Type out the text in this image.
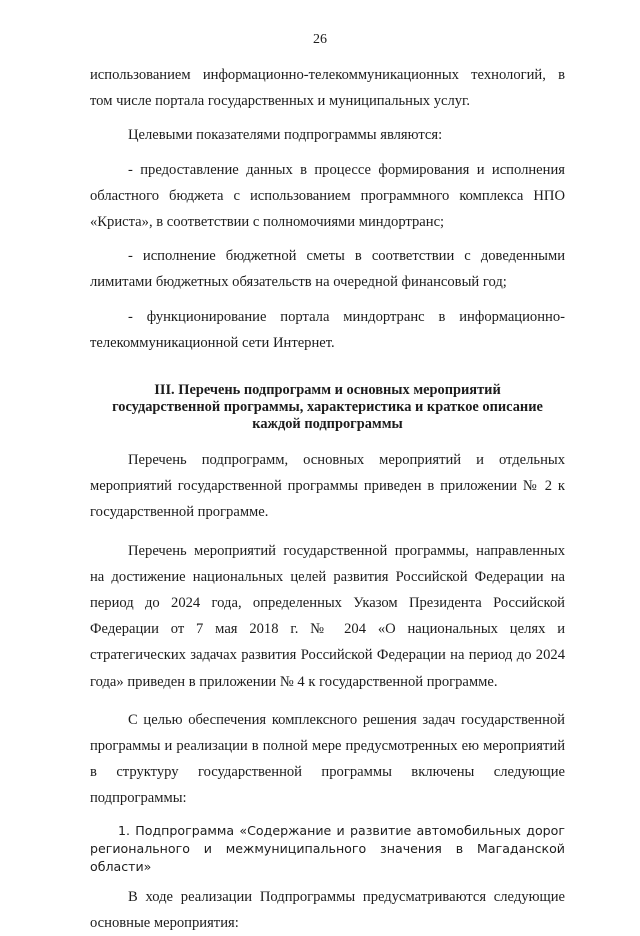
26

использованием информационно-телекоммуникационных технологий, в том числе портала государственных и муниципальных услуг.

Целевыми показателями подпрограммы являются:

- предоставление данных в процессе формирования и исполнения областного бюджета с использованием программного комплекса НПО «Криста», в соответствии с полномочиями миндортранс;

- исполнение бюджетной сметы в соответствии с доведенными лимитами бюджетных обязательств на очередной финансовый год;

- функционирование портала миндортранс в информационно-телекоммуникационной сети Интернет.

III. Перечень подпрограмм и основных мероприятий
государственной программы, характеристика и краткое описание
каждой подпрограммы

Перечень подпрограмм, основных мероприятий и отдельных мероприятий государственной программы приведен в приложении № 2 к государственной программе.

Перечень мероприятий государственной программы, направленных на достижение национальных целей развития Российской Федерации на период до 2024 года, определенных Указом Президента Российской Федерации от 7 мая 2018 г. № 204 «О национальных целях и стратегических задачах развития Российской Федерации на период до 2024 года» приведен в приложении № 4 к государственной программе.

С целью обеспечения комплексного решения задач государственной программы и реализации в полной мере предусмотренных ею мероприятий в структуру государственной программы включены следующие подпрограммы:

1. Подпрограмма «Содержание и развитие автомобильных дорог регионального и межмуниципального значения в Магаданской области»

В ходе реализации Подпрограммы предусматриваются следующие основные мероприятия:
